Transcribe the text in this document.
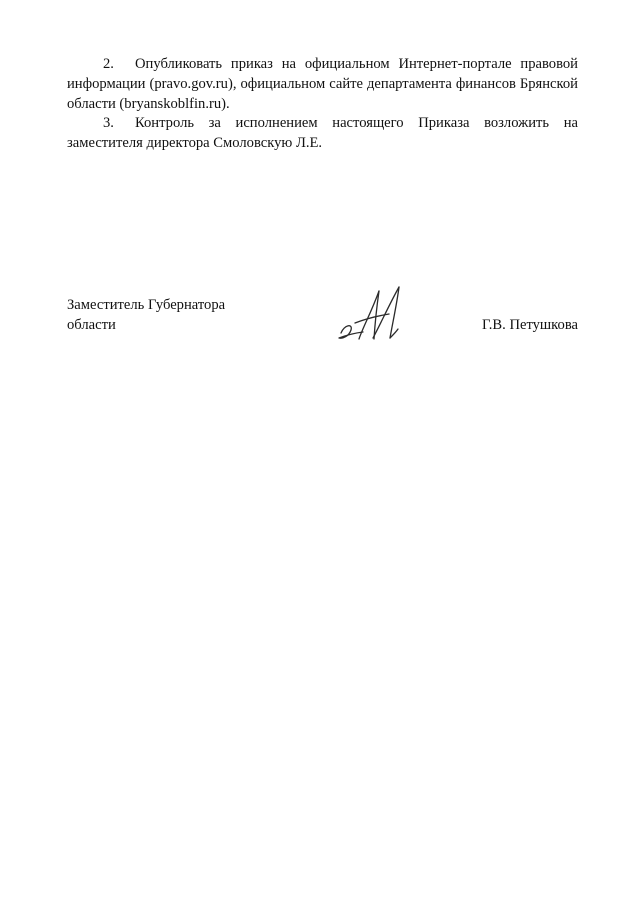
2. Опубликовать приказ на официальном Интернет-портале правовой информации (pravo.gov.ru), официальном сайте департамента финансов Брянской области (bryanskoblfin.ru).

3. Контроль за исполнением настоящего Приказа возложить на заместителя директора Смоловскую Л.Е.

Заместитель Губернатора
области	Г.В. Петушкова
